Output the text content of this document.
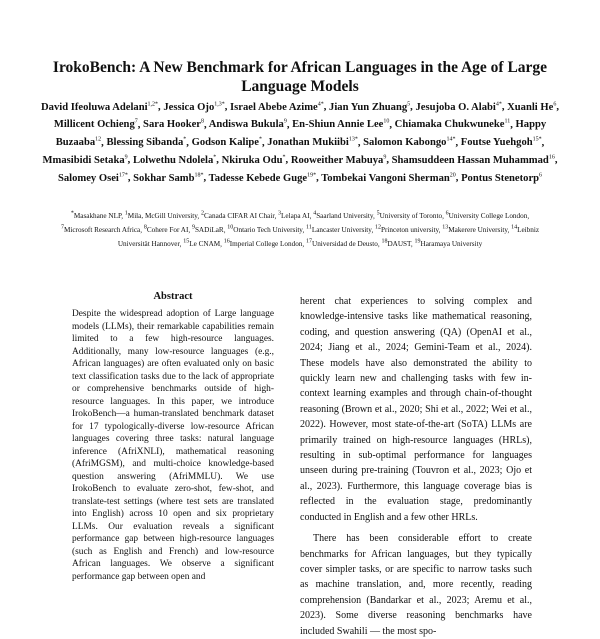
IrokoBench: A New Benchmark for African Languages in the Age of Large Language Models
David Ifeoluwa Adelani$^{1,2*}$, Jessica Ojo$^{1,3*}$, Israel Abebe Azime$^{4*}$, Jian Yun Zhuang$^5$, Jesujoba O. Alabi$^{4*}$, Xuanli He$^6$, Millicent Ochieng$^7$, Sara Hooker$^8$, Andiswa Bukula$^9$, En-Shiun Annie Lee$^{10}$, Chiamaka Chukwuneke$^{11}$, Happy Buzaaba$^{12}$, Blessing Sibanda*, Godson Kalipe*, Jonathan Mukiibi$^{13*}$, Salomon Kabongo$^{14*}$, Foutse Yuehgoh$^{15*}$, Mmasibidi Setaka$^9$, Lolwethu Ndolela*, Nkiruka Odu*, Rooweither Mabuya$^9$, Shamsuddeen Hassan Muhammad$^{16}$, Salomey Osei$^{17*}$, Sokhar Samb$^{18*}$, Tadesse Kebede Guge$^{19*}$, Tombekai Vangoni Sherman$^{20}$, Pontus Stenetorp$^6$
*Masakhane NLP, $^1$Mila, McGill University, $^2$Canada CIFAR AI Chair, $^3$Lelapa AI, $^4$Saarland University, $^5$University of Toronto, $^6$University College London, $^7$Microsoft Research Africa, $^8$Cohere For AI, $^9$SADiLaR, $^{10}$Ontario Tech University, $^{11}$Lancaster University, $^{12}$Princeton university, $^{13}$Makerere University, $^{14}$Leibniz Universität Hannover, $^{15}$Le CNAM, $^{16}$Imperial College London, $^{17}$Universidad de Deusto, $^{18}$DAUST, $^{19}$Haramaya University
Abstract

Despite the widespread adoption of Large language models (LLMs), their remarkable capabilities remain limited to a few high-resource languages. Additionally, many low-resource languages (e.g., African languages) are often evaluated only on basic text classification tasks due to the lack of appropriate or comprehensive benchmarks outside of high-resource languages. In this paper, we introduce IrokoBench—a human-translated benchmark dataset for 17 typologically-diverse low-resource African languages covering three tasks: natural language inference (AfriXNLI), mathematical reasoning (AfriMGSM), and multi-choice knowledge-based question answering (AfriMMLU). We use IrokoBench to evaluate zero-shot, few-shot, and translate-test settings (where test sets are translated into English) across 10 open and six proprietary LLMs. Our evaluation reveals a significant performance gap between high-resource languages (such as English and French) and low-resource African languages. We observe a significant performance gap between open and

herent chat experiences to solving complex and knowledge-intensive tasks like mathematical reasoning, coding, and question answering (QA) (OpenAI et al., 2024; Jiang et al., 2024; Gemini-Team et al., 2024). These models have also demonstrated the ability to quickly learn new and challenging tasks with few in-context learning examples and through chain-of-thought reasoning (Brown et al., 2020; Shi et al., 2022; Wei et al., 2022). However, most state-of-the-art (SoTA) LLMs are primarily trained on high-resource languages (HRLs), resulting in sub-optimal performance for languages unseen during pre-training (Touvron et al., 2023; Ojo et al., 2023). Furthermore, this language coverage bias is reflected in the evaluation stage, predominantly conducted in English and a few other HRLs.

There has been considerable effort to create benchmarks for African languages, but they typically cover simpler tasks, or are specific to narrow tasks such as machine translation, and, more recently, reading comprehension (Bandarkar et al., 2023; Aremu et al., 2023). Some diverse reasoning benchmarks have included Swahili — the most spo-
